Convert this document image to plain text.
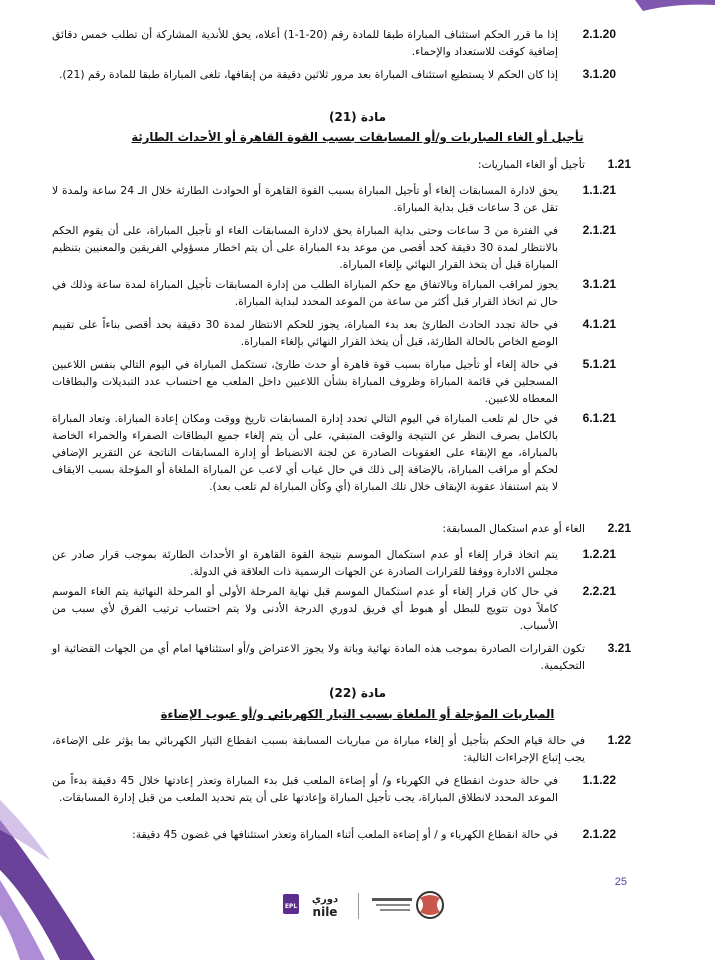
2.1.20
إذا ما قرر الحكم استئناف المباراة طبقا للمادة رقم (20-1-1) أعلاه، يحق للأندية المشاركة أن تطلب خمس دقائق إضافية كوقت للاستعداد والإحماء.
3.1.20
إذا كان الحكم لا يستطيع استئناف المباراة بعد مرور ثلاثين دقيقة من إيقافها، تلغى المباراة طبقا للمادة رقم (21).
مادة (21)
تأجيل أو الغاء المباريات و/أو المسابقات بسبب القوة القاهرة أو الأحداث الطارئة
1.21
تأجيل أو الغاء المباريات:
1.1.21
يحق لادارة المسابقات إلغاء أو تأجيل المباراة بسبب القوة القاهرة أو الحوادث الطارئة خلال الـ 24 ساعة ولمدة لا تقل عن 3 ساعات قبل بداية المباراة.
2.1.21
في الفترة من 3 ساعات وحتى بداية المباراة يحق لادارة المسابقات الغاء او تأجيل المباراة، على أن يقوم الحكم بالانتظار لمدة 30 دقيقة كحد أقصى من موعد بدء المباراة على أن يتم اخطار مسؤولي الفريقين والمعنيين بتنظيم المباراة قبل أن يتخذ القرار النهائي بإلغاء المباراة.
3.1.21
يجوز لمراقب المباراة وبالاتفاق مع حكم المباراة الطلب من إدارة المسابقات تأجيل المباراة لمدة ساعة وذلك في حال تم اتخاذ القرار قبل أكثر من ساعة من الموعد المحدد لبداية المباراة.
4.1.21
في حالة تجدد الحادث الطارئ بعد بدء المباراة، يجوز للحكم الانتظار لمدة 30 دقيقة بحد أقصى بناءاً على تقييم الوضع الخاص بالحالة الطارئة، قبل أن يتخذ القرار النهائي بإلغاء المباراة.
5.1.21
في حالة إلغاء أو تأجيل مباراة بسبب قوة قاهرة أو حدث طارئ، تستكمل المباراة في اليوم التالي بنفس اللاعبين المسجلين في قائمة المباراة وظروف المباراة بشأن اللاعبين داخل الملعب مع احتساب عدد التبديلات والبطاقات المعطاه للاعبين.
6.1.21
في حال لم تلعب المباراة في اليوم التالي تحدد إدارة المسابقات تاريخ ووقت ومكان إعادة المباراة. وتعاد المباراة بالكامل بصرف النظر عن النتيجة والوقت المتبقي، على أن يتم إلغاء جميع البطاقات الصفراء والحمراء الخاصة بالمباراة، مع الإبقاء على العقوبات الصادرة عن لجنة الانضباط أو إدارة المسابقات الناتجة عن التقرير الإضافي لحكم أو مراقب المباراة، بالإضافة إلى ذلك في حال غياب أي لاعب عن المباراة الملغاة أو المؤجلة بسبب الايقاف لا يتم استنفاذ عقوبة الإيقاف خلال تلك المباراة (أي وكأن المباراة لم تلعب بعد).
2.21
الغاء أو عدم استكمال المسابقة:
1.2.21
يتم اتخاذ قرار إلغاء أو عدم استكمال الموسم نتيجة القوة القاهرة او الأحداث الطارئة بموجب قرار صادر عن مجلس الادارة ووفقا للقرارات الصادرة عن الجهات الرسمية ذات العلاقة في الدولة.
2.2.21
في حال كان قرار إلغاء أو عدم استكمال الموسم قبل نهاية المرحلة الأولى أو المرحلة النهائية يتم الغاء الموسم كاملاً دون تتويج للبطل أو هبوط أي فريق لدوري الدرجة الأدنى ولا يتم احتساب ترتيب الفرق لأي سبب من الأسباب.
3.21
تكون القرارات الصادرة بموجب هذه المادة نهائية وباتة ولا يجوز الاعتراض و/أو استئنافها امام أي من الجهات القضائية او التحكيمية.
مادة (22)
المباريات المؤجلة أو الملغاة بسبب التيار الكهربائي و/أو عيوب الإضاءة
1.22
في حالة قيام الحكم بتأجيل أو إلغاء مباراة من مباريات المسابقة بسبب انقطاع التيار الكهربائي بما يؤثر على الإضاءة، يجب إتباع الإجراءات التالية:
1.1.22
في حالة حدوث انقطاع في الكهرباء و/ أو إضاءة الملعب قبل بدء المباراة وتعذر إعادتها خلال 45 دقيقة بدءاً من الموعد المحدد لانطلاق المباراة، يجب تأجيل المباراة وإعادتها على أن يتم تحديد الملعب من قبل إدارة المسابقات.
2.1.22
في حالة انقطاع الكهرباء و / أو إضاءة الملعب أثناء المباراة وتعذر استئنافها في غضون 45 دقيقة:
25
EPL
دوري
nile
